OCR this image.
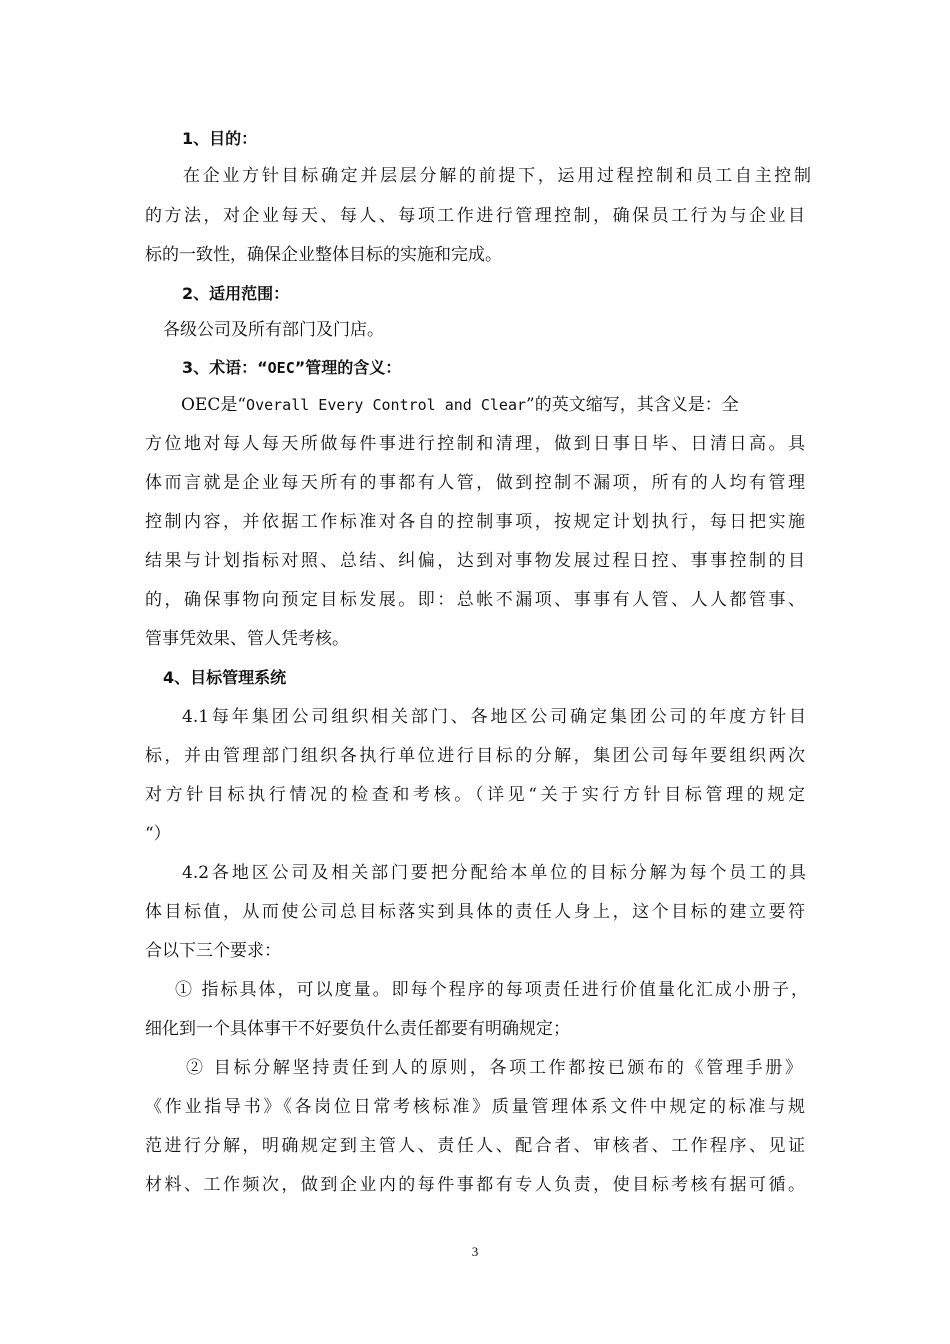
1、目的：
在企业方针目标确定并层层分解的前提下，运用过程控制和员工自主控制
的方法，对企业每天、每人、每项工作进行管理控制，确保员工行为与企业目
标的一致性，确保企业整体目标的实施和完成。
2、适用范围：
各级公司及所有部门及门店。
3、术语：“OEC”管理的含义：
OEC是“Overall Every Control and Clear”的英文缩写，其含义是：全
方位地对每人每天所做每件事进行控制和清理，做到日事日毕、日清日高。具
体而言就是企业每天所有的事都有人管，做到控制不漏项，所有的人均有管理
控制内容，并依据工作标准对各自的控制事项，按规定计划执行，每日把实施
结果与计划指标对照、总结、纠偏，达到对事物发展过程日控、事事控制的目
的，确保事物向预定目标发展。即：总帐不漏项、事事有人管、人人都管事、
管事凭效果、管人凭考核。
4、目标管理系统
4.1每年集团公司组织相关部门、各地区公司确定集团公司的年度方针目
标，并由管理部门组织各执行单位进行目标的分解，集团公司每年要组织两次
对方针目标执行情况的检查和考核。（详见“关于实行方针目标管理的规定
“）
4.2各地区公司及相关部门要把分配给本单位的目标分解为每个员工的具
体目标值，从而使公司总目标落实到具体的责任人身上，这个目标的建立要符
合以下三个要求：
① 指标具体，可以度量。即每个程序的每项责任进行价值量化汇成小册子，
细化到一个具体事干不好要负什么责任都要有明确规定；
② 目标分解坚持责任到人的原则，各项工作都按已颁布的《管理手册》
《作业指导书》《各岗位日常考核标准》质量管理体系文件中规定的标准与规
范进行分解，明确规定到主管人、责任人、配合者、审核者、工作程序、见证
材料、工作频次，做到企业内的每件事都有专人负责，使目标考核有据可循。
3
